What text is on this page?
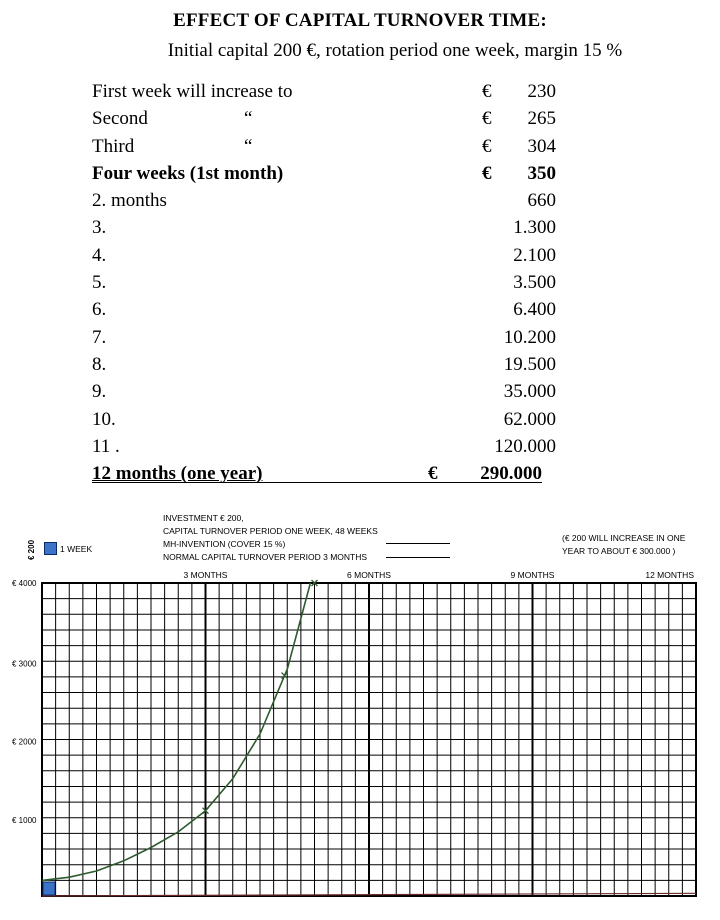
EFFECT OF CAPITAL TURNOVER TIME:
Initial capital 200 €, rotation period one week, margin 15 %
First week will increase to	€ 230
Second	“	€ 265
Third	“	€ 304
Four weeks (1st month)	€ 350
2. months	660
3.	1.300
4.	2.100
5.	3.500
6.	6.400
7.	10.200
8.	19.500
9.	35.000
10.	62.000
11 .	120.000
12 months (one year)	€ 290.000
INVESTMENT € 200,
CAPITAL TURNOVER PERIOD ONE WEEK, 48 WEEKS
MH-INVENTION (COVER 15 %)
NORMAL CAPITAL TURNOVER PERIOD 3 MONTHS
(€ 200 WILL INCREASE IN ONE
YEAR TO ABOUT € 300.000 )
€ 200	1 WEEK
3 MONTHS	6 MONTHS	9 MONTHS	12 MONTHS
€ 4000
€ 3000
€ 2000
€ 1000
